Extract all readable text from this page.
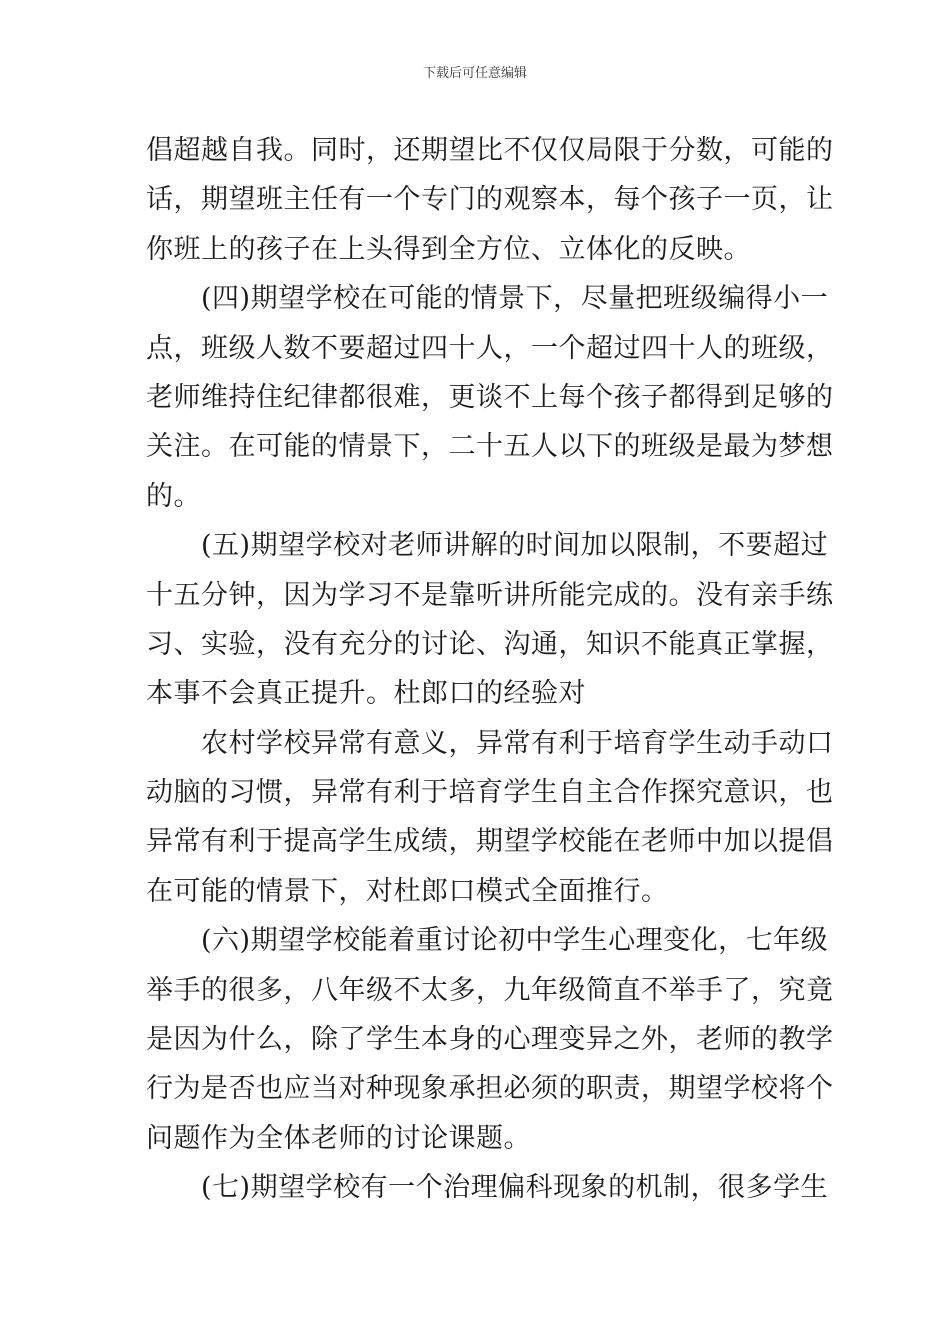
下载后可任意编辑

倡超越自我。同时，还期望比不仅仅局限于分数，可能的
话，期望班主任有一个专门的观察本，每个孩子一页，让
你班上的孩子在上头得到全方位、立体化的反映。

(四)期望学校在可能的情景下，尽量把班级编得小一
点，班级人数不要超过四十人，一个超过四十人的班级，
老师维持住纪律都很难，更谈不上每个孩子都得到足够的
关注。在可能的情景下，二十五人以下的班级是最为梦想
的。

(五)期望学校对老师讲解的时间加以限制，不要超过
十五分钟，因为学习不是靠听讲所能完成的。没有亲手练
习、实验，没有充分的讨论、沟通，知识不能真正掌握，
本事不会真正提升。杜郎口的经验对

农村学校异常有意义，异常有利于培育学生动手动口
动脑的习惯，异常有利于培育学生自主合作探究意识，也
异常有利于提高学生成绩，期望学校能在老师中加以提倡
在可能的情景下，对杜郎口模式全面推行。

(六)期望学校能着重讨论初中学生心理变化，七年级
举手的很多，八年级不太多，九年级简直不举手了，究竟
是因为什么，除了学生本身的心理变异之外，老师的教学
行为是否也应当对种现象承担必须的职责，期望学校将个
问题作为全体老师的讨论课题。

(七)期望学校有一个治理偏科现象的机制，很多学生
